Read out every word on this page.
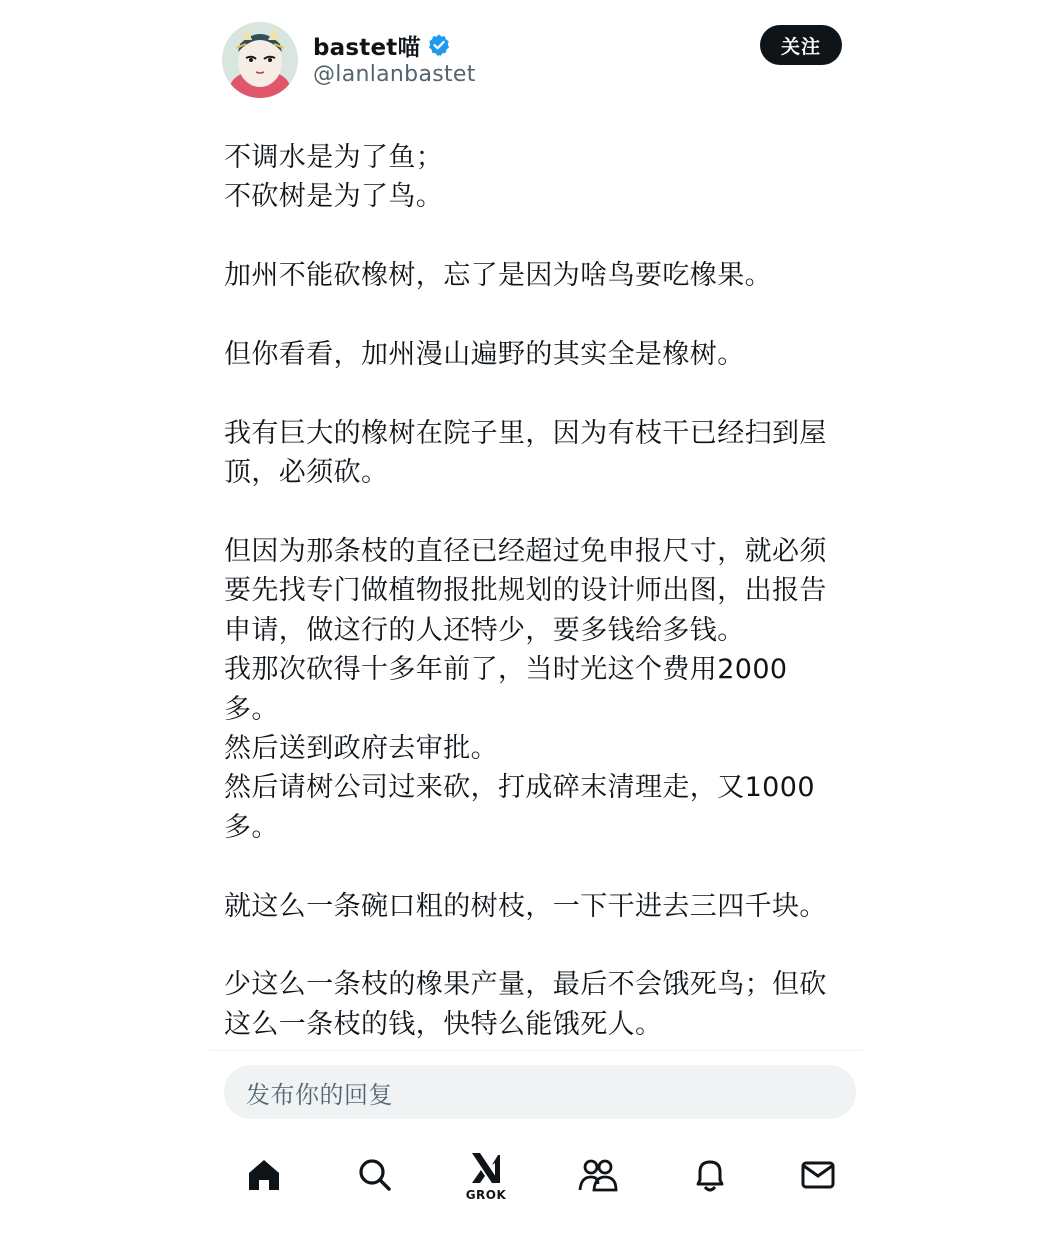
bastet喵
@lanlanbastet
关注

不调水是为了鱼；
不砍树是为了鸟。

加州不能砍橡树，忘了是因为啥鸟要吃橡果。

但你看看，加州漫山遍野的其实全是橡树。

我有巨大的橡树在院子里，因为有枝干已经扫到屋
顶，必须砍。

但因为那条枝的直径已经超过免申报尺寸，就必须
要先找专门做植物报批规划的设计师出图，出报告
申请，做这行的人还特少，要多钱给多钱。
我那次砍得十多年前了，当时光这个费用2000
多。
然后送到政府去审批。
然后请树公司过来砍，打成碎末清理走，又1000
多。

就这么一条碗口粗的树枝，一下干进去三四千块。

少这么一条枝的橡果产量，最后不会饿死鸟；但砍
这么一条枝的钱，快特么能饿死人。

发布你的回复
GROK
